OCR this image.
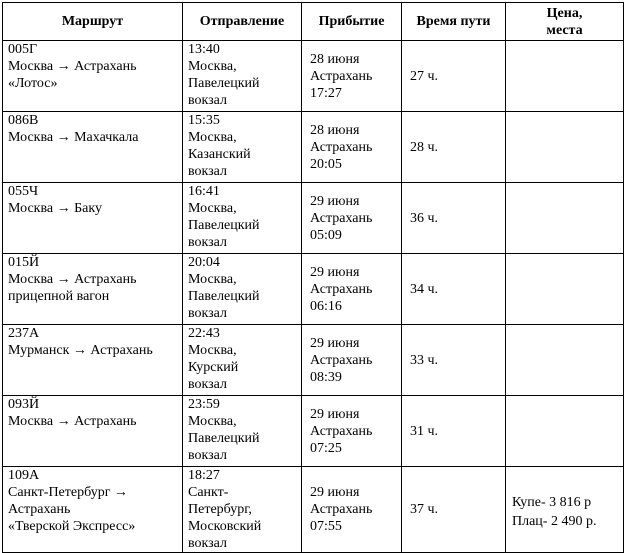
Маршрут	Отправление	Прибытие	Время пути	Цена,
места

005Г
Москва → Астрахань
«Лотос»	13:40
Москва,
Павелецкий
вокзал	28 июня
Астрахань
17:27	27 ч.	

086В
Москва → Махачкала	15:35
Москва,
Казанский
вокзал	28 июня
Астрахань
20:05	28 ч.	

055Ч
Москва → Баку	16:41
Москва,
Павелецкий
вокзал	29 июня
Астрахань
05:09	36 ч.	

015Й
Москва → Астрахань
прицепной вагон	20:04
Москва,
Павелецкий
вокзал	29 июня
Астрахань
06:16	34 ч.	

237А
Мурманск → Астрахань	22:43
Москва,
Курский
вокзал	29 июня
Астрахань
08:39	33 ч.	

093Й
Москва → Астрахань	23:59
Москва,
Павелецкий
вокзал	29 июня
Астрахань
07:25	31 ч.	

109А
Санкт-Петербург →
Астрахань
«Тверской Экспресс»	18:27
Санкт-
Петербург,
Московский
вокзал	29 июня
Астрахань
07:55	37 ч.	Купе- 3 816 р
Плац- 2 490 р.
